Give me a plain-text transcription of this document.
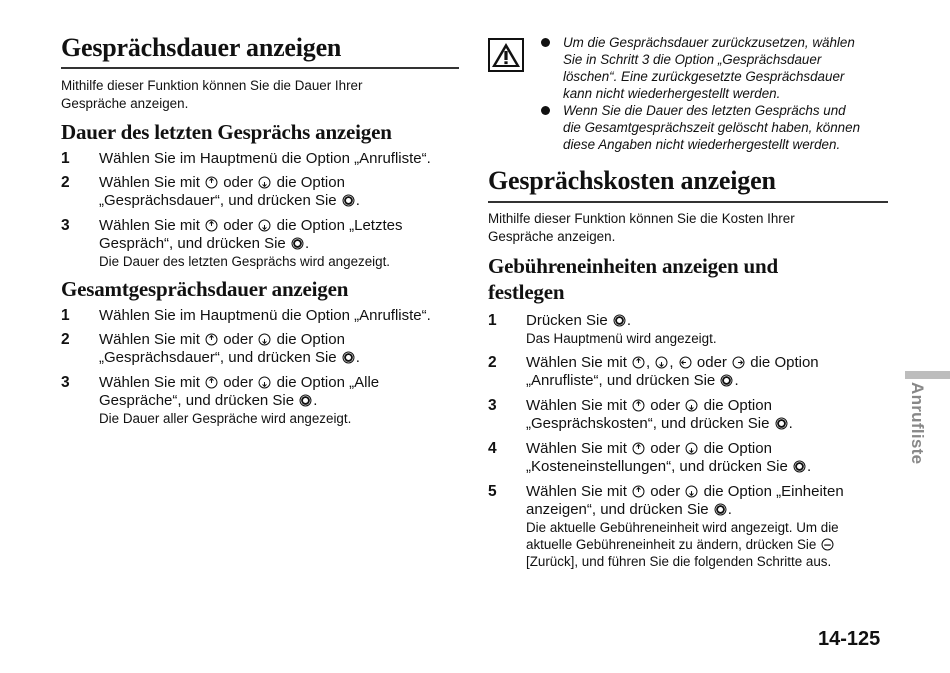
Gesprächsdauer anzeigen

Mithilfe dieser Funktion können Sie die Dauer Ihrer
Gespräche anzeigen.

Dauer des letzten Gesprächs anzeigen

1 Wählen Sie im Hauptmenü die Option „Anrufliste“.

2 Wählen Sie mit  oder  die Option
„Gesprächsdauer“, und drücken Sie .

3 Wählen Sie mit  oder  die Option „Letztes
Gespräch“, und drücken Sie .
Die Dauer des letzten Gesprächs wird angezeigt.

Gesamtgesprächsdauer anzeigen

1 Wählen Sie im Hauptmenü die Option „Anrufliste“.

2 Wählen Sie mit  oder  die Option
„Gesprächsdauer“, und drücken Sie .

3 Wählen Sie mit  oder  die Option „Alle
Gespräche“, und drücken Sie .
Die Dauer aller Gespräche wird angezeigt.

Um die Gesprächsdauer zurückzusetzen, wählen
Sie in Schritt 3 die Option „Gesprächsdauer
löschen“. Eine zurückgesetzte Gesprächsdauer
kann nicht wiederhergestellt werden.

Wenn Sie die Dauer des letzten Gesprächs und
die Gesamtgesprächszeit gelöscht haben, können
diese Angaben nicht wiederhergestellt werden.

Gesprächskosten anzeigen

Mithilfe dieser Funktion können Sie die Kosten Ihrer
Gespräche anzeigen.

Gebühreneinheiten anzeigen und
festlegen

1 Drücken Sie .
Das Hauptmenü wird angezeigt.

2 Wählen Sie mit , ,  oder  die Option
„Anrufliste“, und drücken Sie .

3 Wählen Sie mit  oder  die Option
„Gesprächskosten“, und drücken Sie .

4 Wählen Sie mit  oder  die Option
„Kosteneinstellungen“, und drücken Sie .

5 Wählen Sie mit  oder  die Option „Einheiten
anzeigen“, und drücken Sie .
Die aktuelle Gebühreneinheit wird angezeigt. Um die
aktuelle Gebühreneinheit zu ändern, drücken Sie
[Zurück], und führen Sie die folgenden Schritte aus.

Anrufliste
14-125
